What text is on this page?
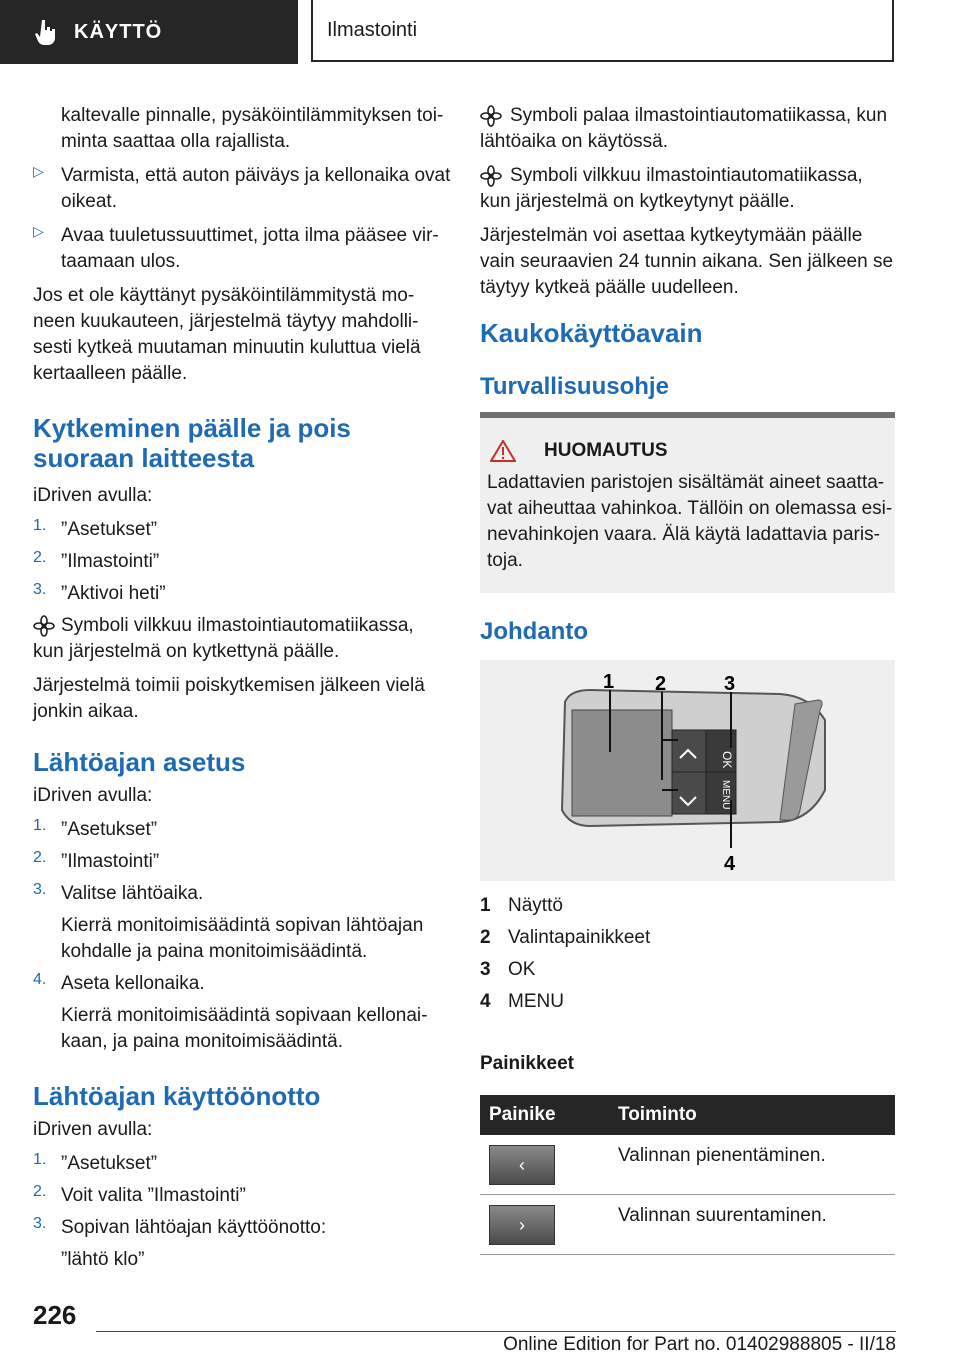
KÄYTTÖ	Ilmastointi

kaltevalle pinnalle, pysäköintilämmityksen toi-

minta saattaa olla rajallista.

▷ Varmista, että auton päiväys ja kellonaika ovat

oikeat.

▷ Avaa tuuletussuuttimet, jotta ilma pääsee vir-

taamaan ulos.

Jos et ole käyttänyt pysäköintilämmitystä mo-

neen kuukauteen, järjestelmä täytyy mahdolli-

sesti kytkeä muutaman minuutin kuluttua vielä

kertaalleen päälle.

Kytkeminen päälle ja pois
suoraan laitteesta

iDriven avulla:

1. ”Asetukset”

2. ”Ilmastointi”

3. ”Aktivoi heti”

Symboli vilkkuu ilmastointiautomatiikassa,

kun järjestelmä on kytkettynä päälle.

Järjestelmä toimii poiskytkemisen jälkeen vielä

jonkin aikaa.

Lähtöajan asetus

iDriven avulla:

1. ”Asetukset”

2. ”Ilmastointi”

3. Valitse lähtöaika.

Kierrä monitoimisäädintä sopivan lähtöajan

kohdalle ja paina monitoimisäädintä.

4. Aseta kellonaika.

Kierrä monitoimisäädintä sopivaan kellonai-

kaan, ja paina monitoimisäädintä.

Lähtöajan käyttöönotto

iDriven avulla:

1. ”Asetukset”

2. Voit valita ”Ilmastointi”

3. Sopivan lähtöajan käyttöönotto:

”lähtö klo”

Symboli palaa ilmastointiautomatiikassa, kun

lähtöaika on käytössä.

Symboli vilkkuu ilmastointiautomatiikassa,

kun järjestelmä on kytkeytynyt päälle.

Järjestelmän voi asettaa kytkeytymään päälle

vain seuraavien 24 tunnin aikana. Sen jälkeen se

täytyy kytkeä päälle uudelleen.

Kaukokäyttöavain
Turvallisuusohje
HUOMAUTUS

Ladattavien paristojen sisältämät aineet saatta-

vat aiheuttaa vahinkoa. Tällöin on olemassa esi-

nevahinkojen vaara. Älä käytä ladattavia paris-

toja.

Johdanto
OK
MENU
1 2	3
4
1 Näyttö

2 Valintapainikkeet

3 OK

4 MENU

Painikkeet

Painike	Toiminto

‹	Valinnan pienentäminen.

›	Valinnan suurentaminen.
226
Online Edition for Part no. 01402988805 - II/18
